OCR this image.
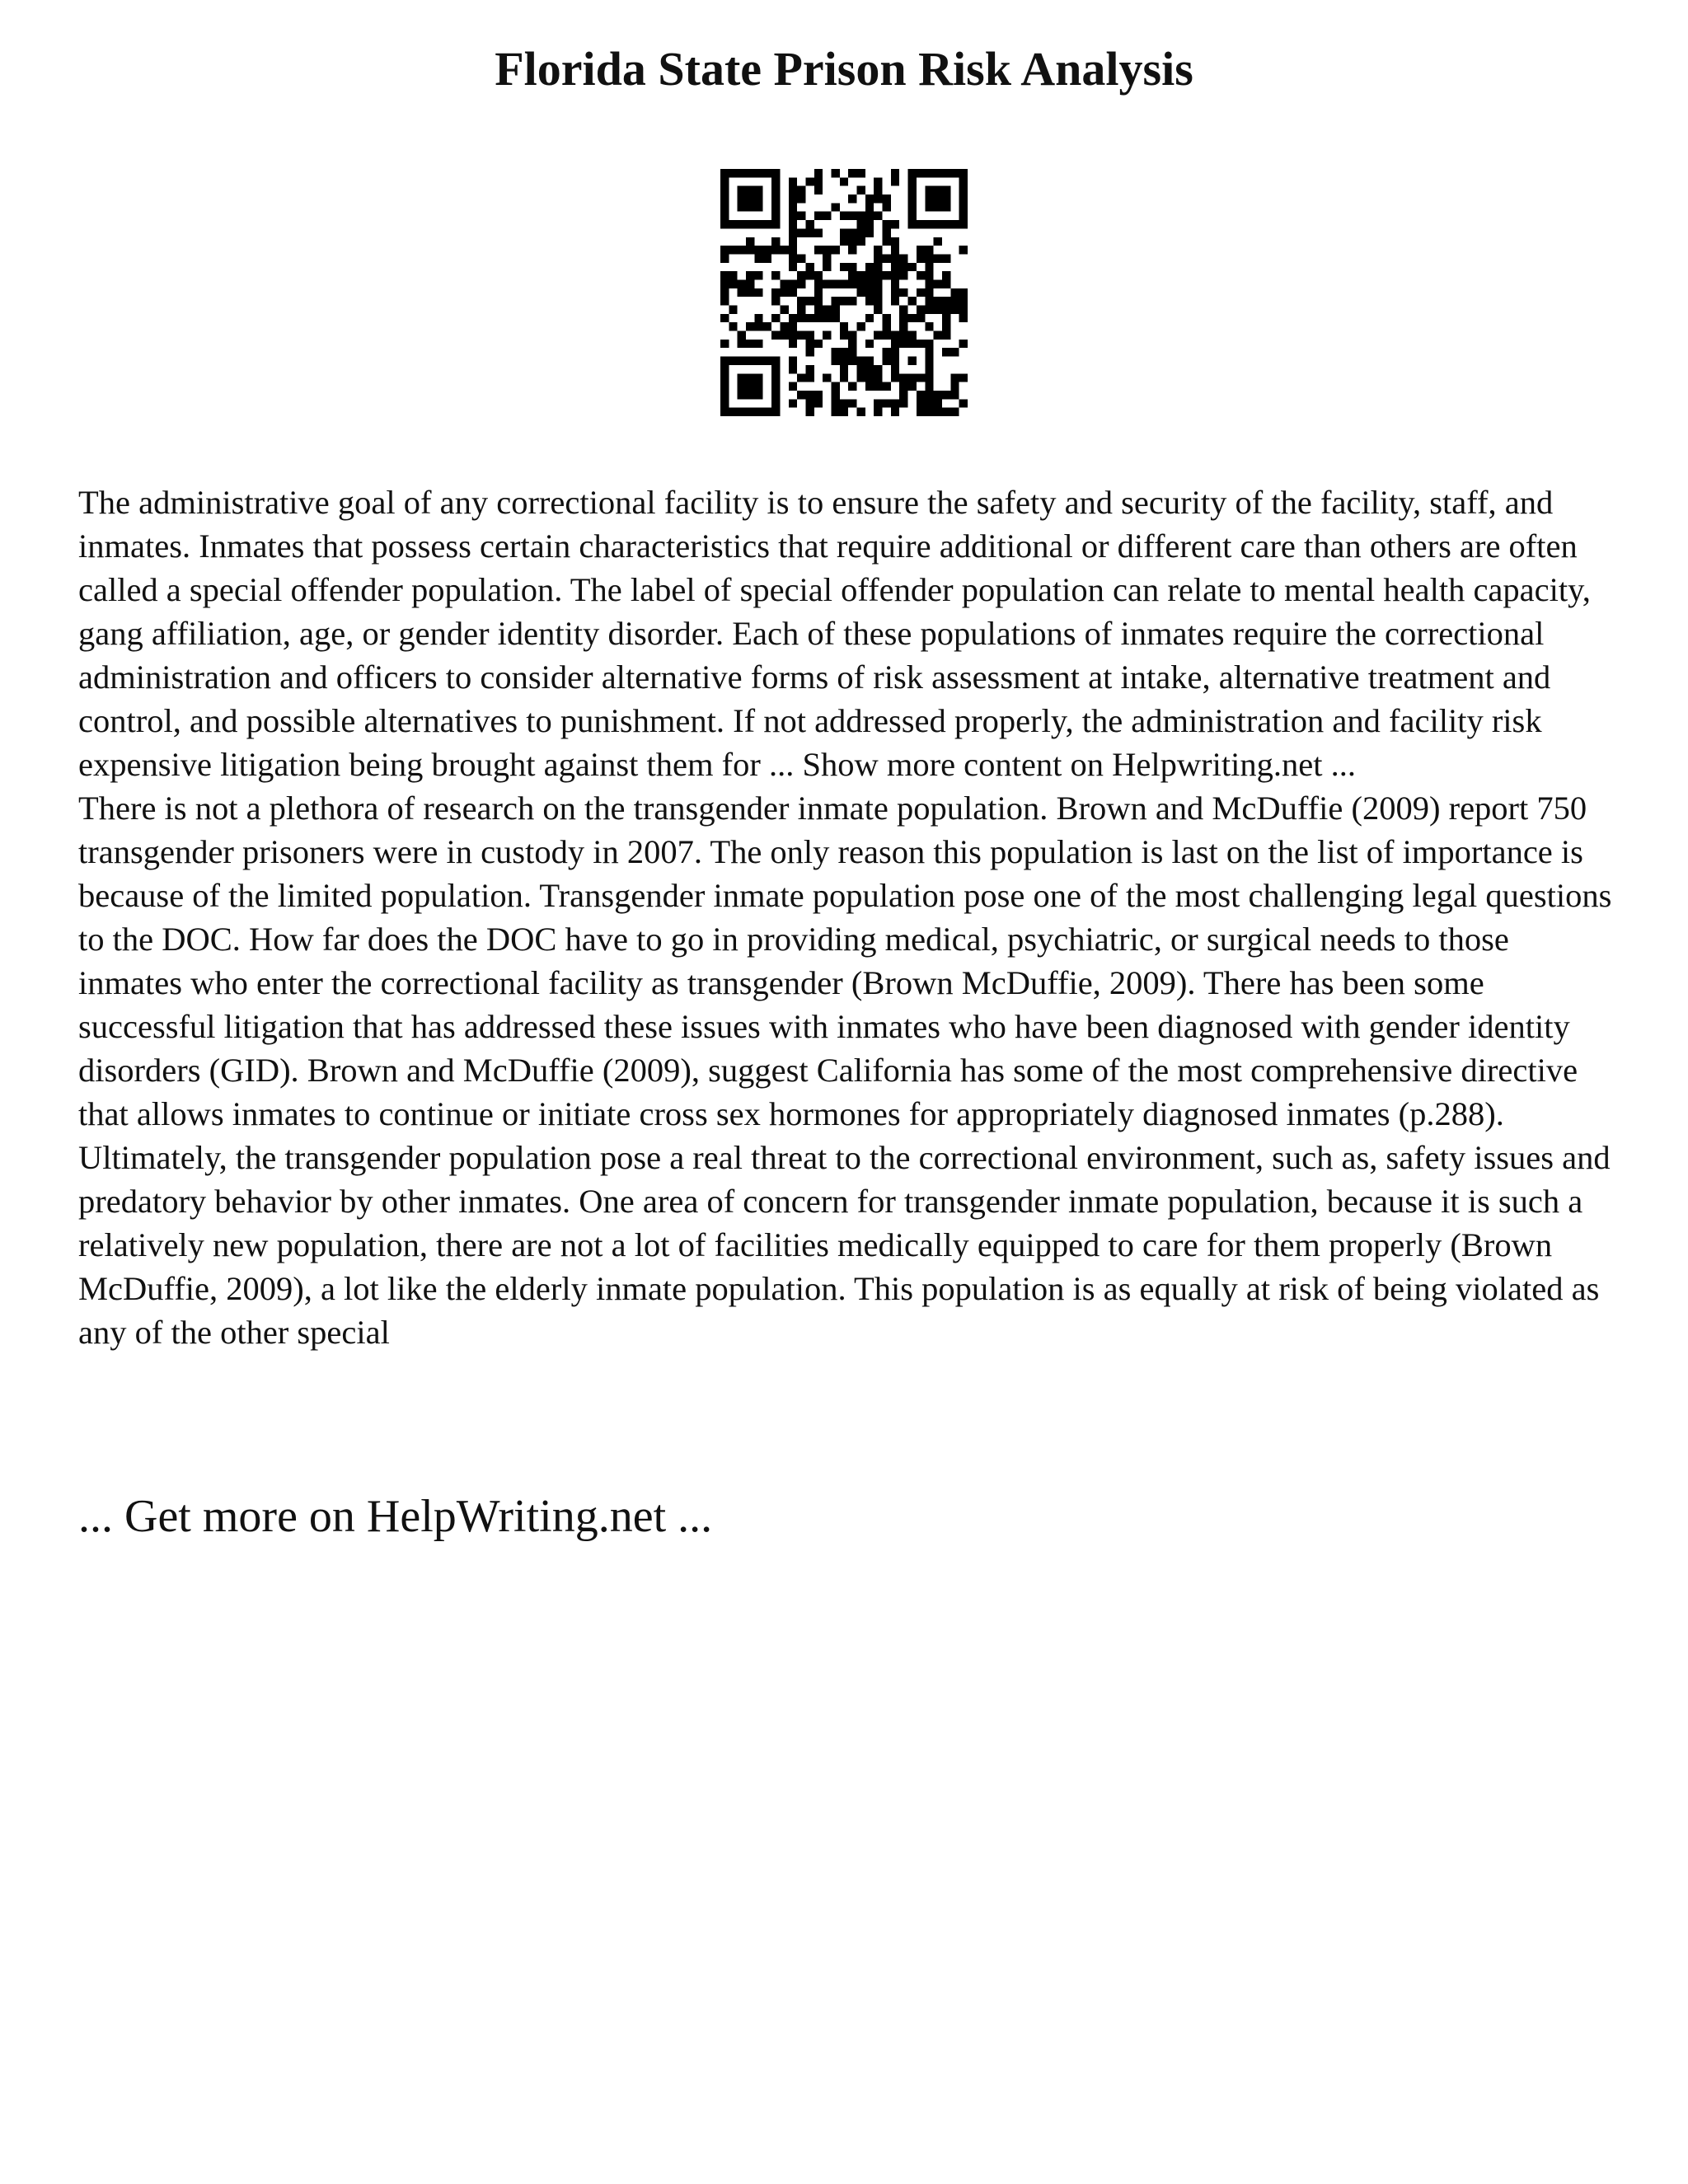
Florida State Prison Risk Analysis

The administrative goal of any correctional facility is to ensure the safety and security of the facility, staff, and inmates. Inmates that possess certain characteristics that require additional or different care than others are often called a special offender population. The label of special offender population can relate to mental health capacity, gang affiliation, age, or gender identity disorder. Each of these populations of inmates require the correctional administration and officers to consider alternative forms of risk assessment at intake, alternative treatment and control, and possible alternatives to punishment. If not addressed properly, the administration and facility risk expensive litigation being brought against them for ... Show more content on Helpwriting.net ...

There is not a plethora of research on the transgender inmate population. Brown and McDuffie (2009) report 750 transgender prisoners were in custody in 2007. The only reason this population is last on the list of importance is because of the limited population. Transgender inmate population pose one of the most challenging legal questions to the DOC. How far does the DOC have to go in providing medical, psychiatric, or surgical needs to those inmates who enter the correctional facility as transgender (Brown McDuffie, 2009). There has been some successful litigation that has addressed these issues with inmates who have been diagnosed with gender identity disorders (GID). Brown and McDuffie (2009), suggest California has some of the most comprehensive directive that allows inmates to continue or initiate cross sex hormones for appropriately diagnosed inmates (p.288). Ultimately, the transgender population pose a real threat to the correctional environment, such as, safety issues and predatory behavior by other inmates. One area of concern for transgender inmate population, because it is such a relatively new population, there are not a lot of facilities medically equipped to care for them properly (Brown McDuffie, 2009), a lot like the elderly inmate population. This population is as equally at risk of being violated as any of the other special

... Get more on HelpWriting.net ...
